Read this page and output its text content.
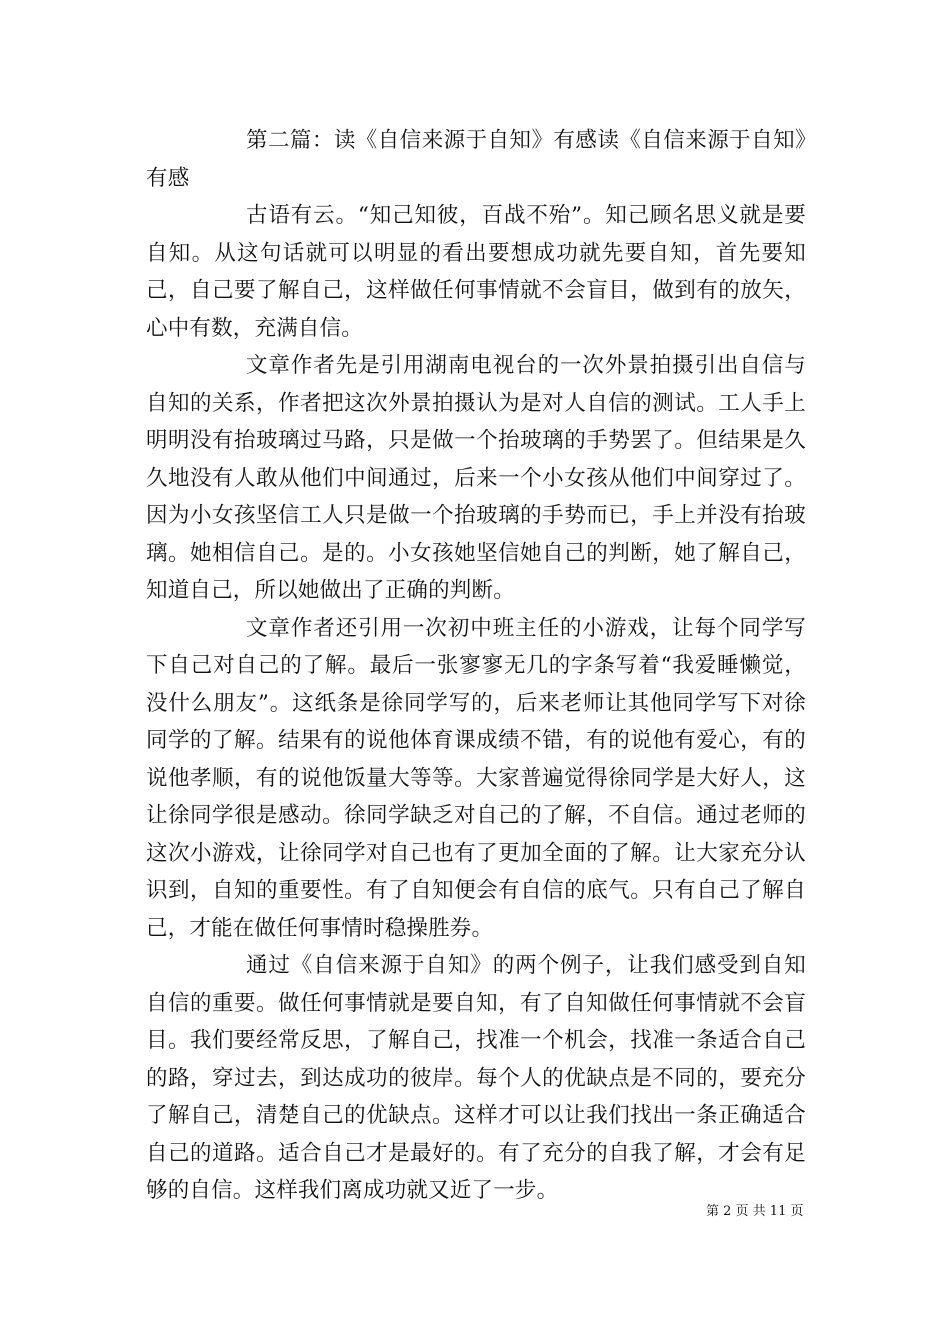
第二篇：读《自信来源于自知》有感读《自信来源于自知》有感

古语有云。“知己知彼，百战不殆”。知己顾名思义就是要自知。从这句话就可以明显的看出要想成功就先要自知，首先要知己，自己要了解自己，这样做任何事情就不会盲目，做到有的放矢，心中有数，充满自信。

文章作者先是引用湖南电视台的一次外景拍摄引出自信与自知的关系，作者把这次外景拍摄认为是对人自信的测试。工人手上明明没有抬玻璃过马路，只是做一个抬玻璃的手势罢了。但结果是久久地没有人敢从他们中间通过，后来一个小女孩从他们中间穿过了。因为小女孩坚信工人只是做一个抬玻璃的手势而已，手上并没有抬玻璃。她相信自己。是的。小女孩她坚信她自己的判断，她了解自己，知道自己，所以她做出了正确的判断。

文章作者还引用一次初中班主任的小游戏，让每个同学写下自己对自己的了解。最后一张寥寥无几的字条写着“我爱睡懒觉，没什么朋友”。这纸条是徐同学写的，后来老师让其他同学写下对徐同学的了解。结果有的说他体育课成绩不错，有的说他有爱心，有的说他孝顺，有的说他饭量大等等。大家普遍觉得徐同学是大好人，这让徐同学很是感动。徐同学缺乏对自己的了解，不自信。通过老师的这次小游戏，让徐同学对自己也有了更加全面的了解。让大家充分认识到，自知的重要性。有了自知便会有自信的底气。只有自己了解自己，才能在做任何事情时稳操胜券。

通过《自信来源于自知》的两个例子，让我们感受到自知自信的重要。做任何事情就是要自知，有了自知做任何事情就不会盲目。我们要经常反思，了解自己，找准一个机会，找准一条适合自己的路，穿过去，到达成功的彼岸。每个人的优缺点是不同的，要充分了解自己，清楚自己的优缺点。这样才可以让我们找出一条正确适合自己的道路。适合自己才是最好的。有了充分的自我了解，才会有足够的自信。这样我们离成功就又近了一步。

第 2 页 共 11 页
